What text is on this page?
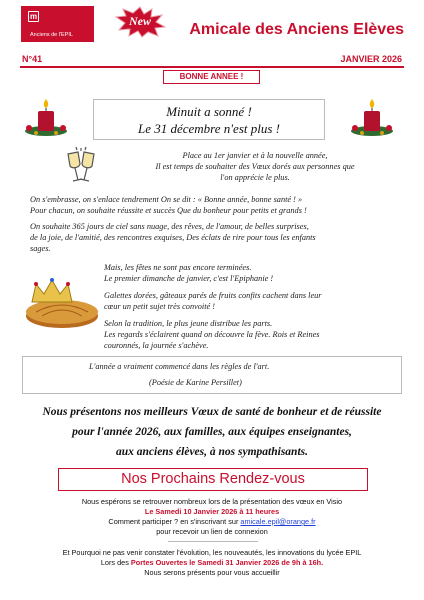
m
Anciens de l'EPIL
New	Amicale des Anciens Elèves
N°41	JANVIER 2026
BONNE ANNEE !
Minuit a sonné !
Le 31 décembre n'est plus !
Place au 1er janvier et à la nouvelle année,
Il est temps de souhaiter des Vœux dorés aux personnes que
l'on apprécie le plus.
On s'embrasse, on s'enlace tendrement On se dit : « Bonne année, bonne santé ! »
Pour chacun, on souhaite réussite et succès Que du bonheur pour petits et grands !
On souhaite 365 jours de ciel sans nuage, des rêves, de l'amour, de belles surprises,
de la joie, de l'amitié, des rencontres exquises, Des éclats de rire pour tous les enfants
sages.
Mais, les fêtes ne sont pas encore terminées.
Le premier dimanche de janvier, c'est l'Epiphanie !
Galettes dorées, gâteaux parés de fruits confits cachent dans leur
cœur un petit sujet très convoité !
Selon la tradition, le plus jeune distribue les parts.
Les regards s'éclairent quand on découvre la fève. Rois et Reines
couronnés, la journée s'achève.
L'année a vraiment commencé dans les règles de l'art.
(Poésie de Karine Persillet)
Nous présentons nos meilleurs Vœux de santé de bonheur et de réussite
pour l'année 2026, aux familles, aux équipes enseignantes,
aux anciens élèves, à nos sympathisants.
Nos Prochains Rendez-vous
Nous espérons se retrouver nombreux lors de la présentation des vœux en Visio
Le Samedi 10 Janvier 2026 à 11 heures
Comment participer ? en s'inscrivant sur amicale.epil@orange.fr
pour recevoir un lien de connexion
Et Pourquoi ne pas venir constater l'évolution, les nouveautés, les innovations du lycée EPIL
Lors des Portes Ouvertes le Samedi 31 Janvier 2026 de 9h à 16h.
Nous serons présents pour vous accueillir
